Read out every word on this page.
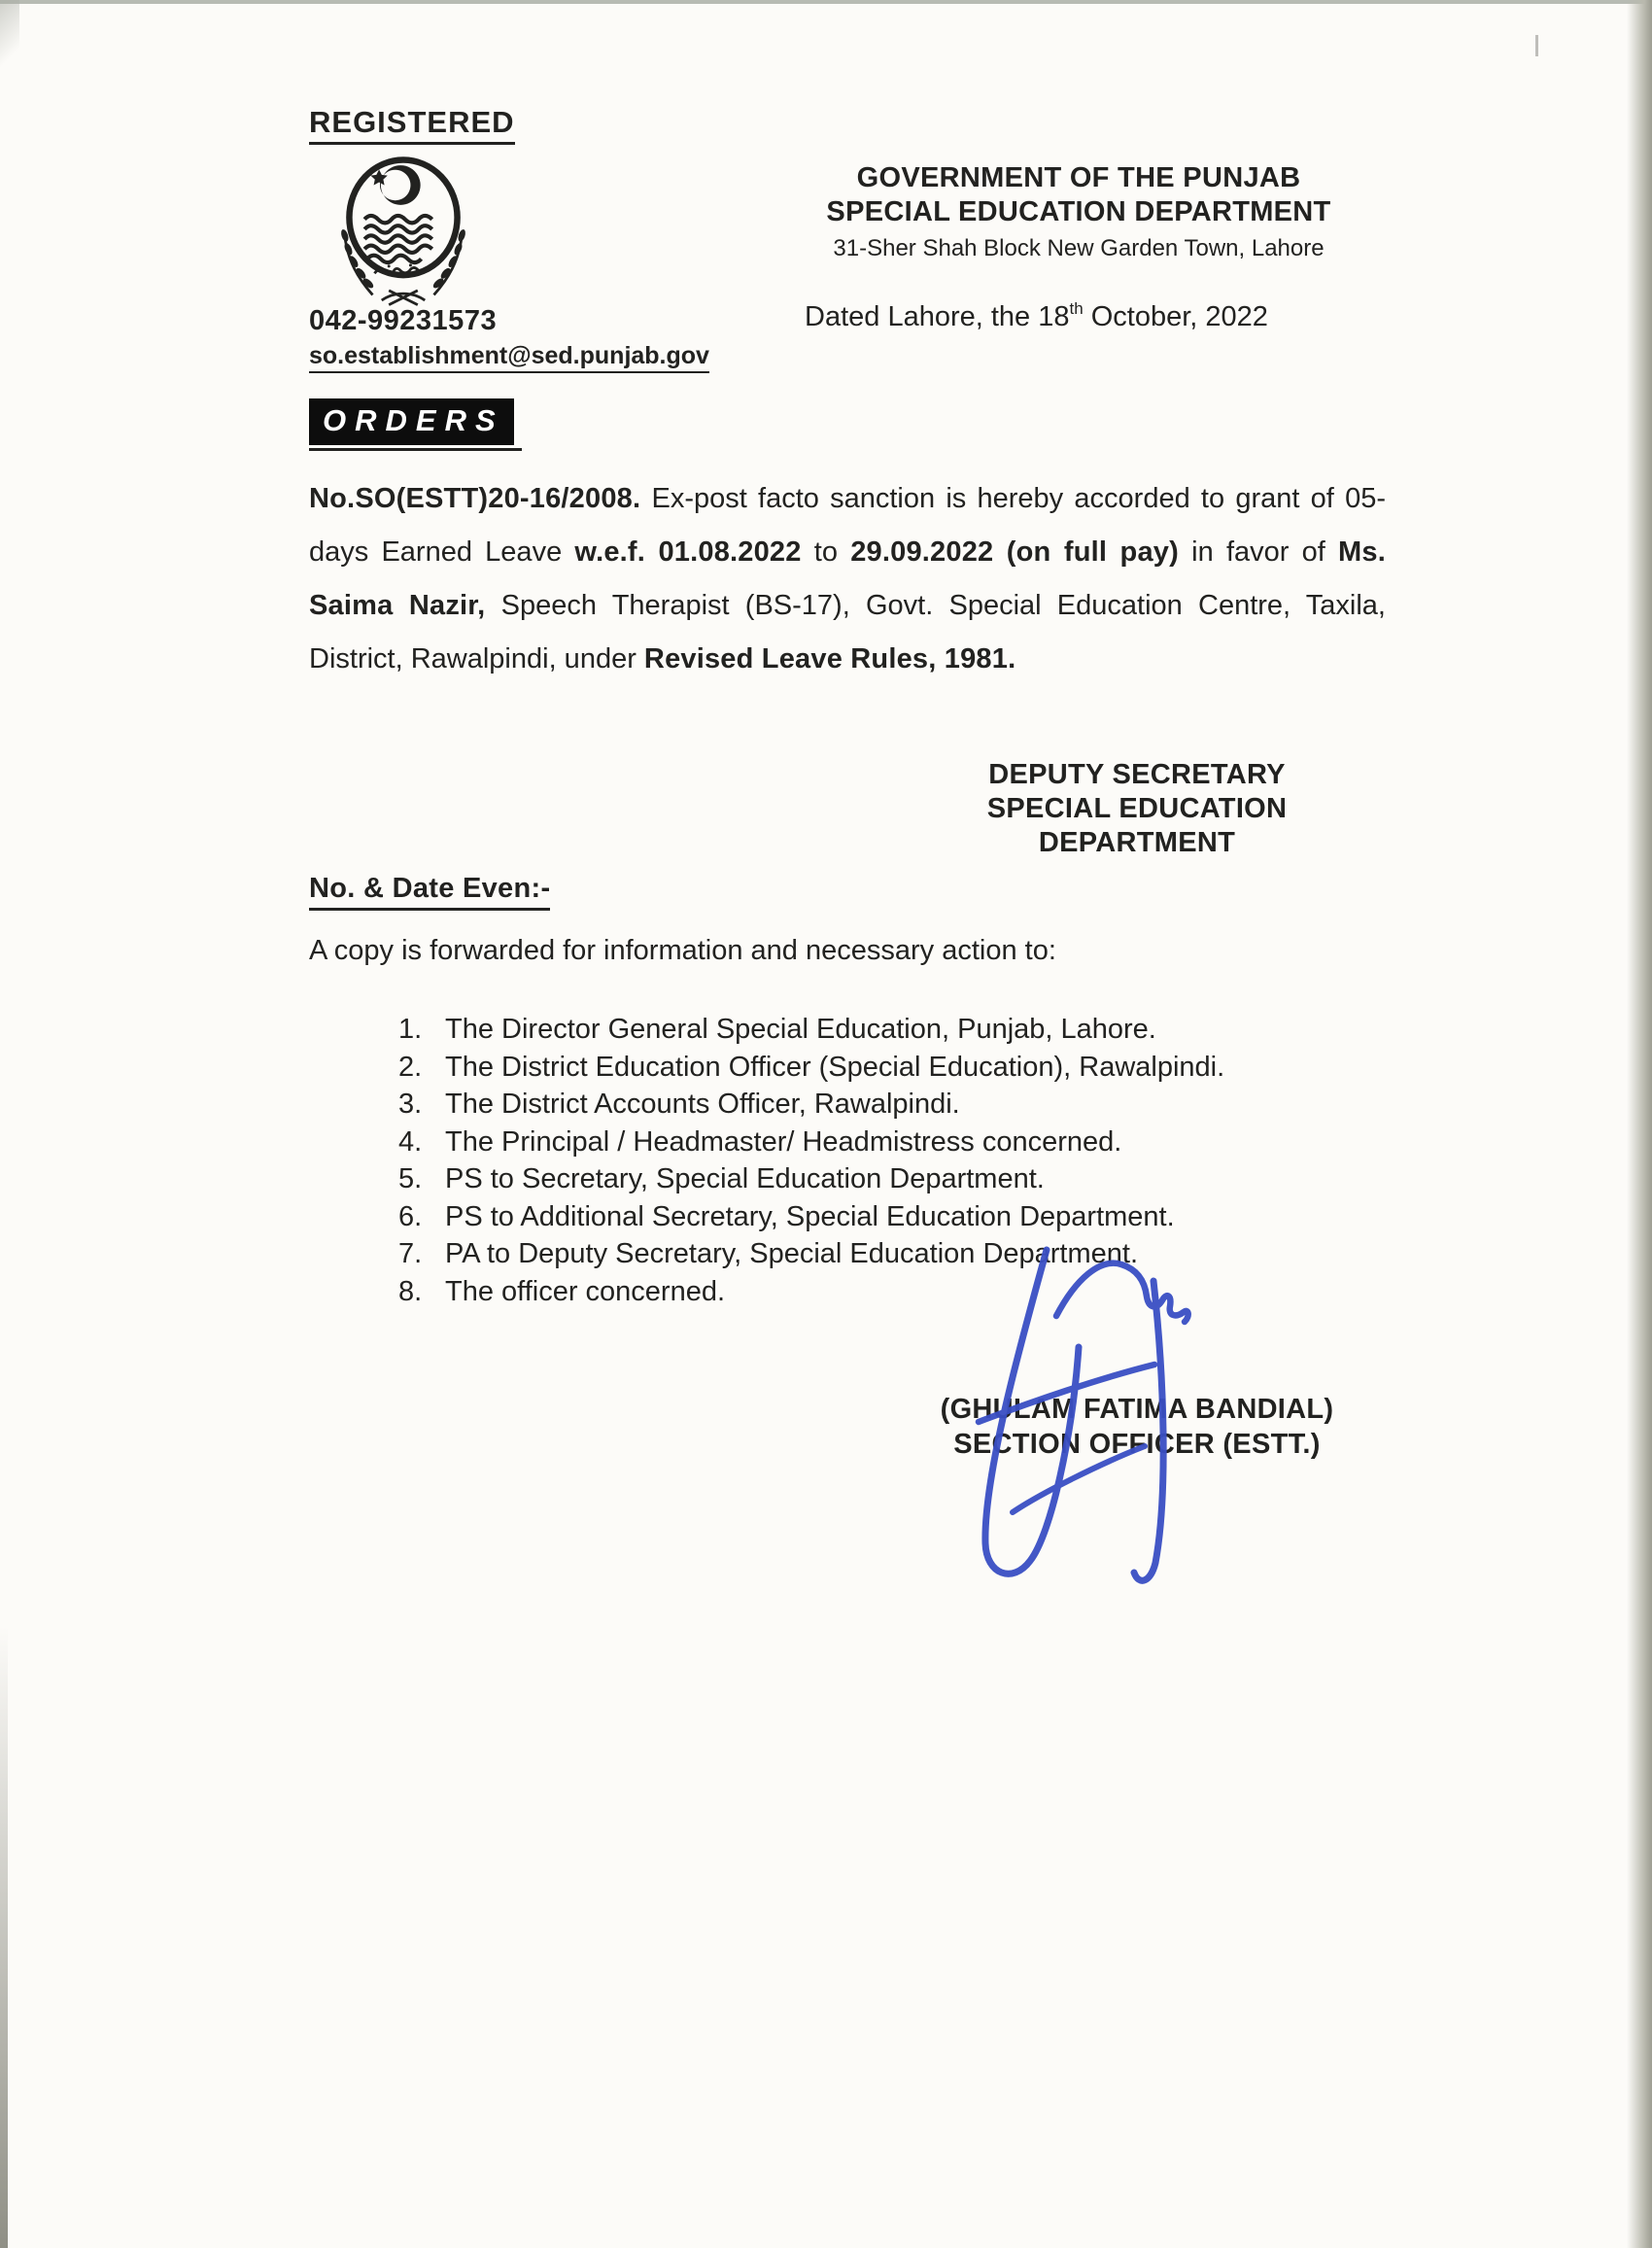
REGISTERED
042-99231573
so.establishment@sed.punjab.gov
GOVERNMENT OF THE PUNJAB
SPECIAL EDUCATION DEPARTMENT
31-Sher Shah Block New Garden Town, Lahore
Dated Lahore, the 18th October, 2022
ORDERS

No.SO(ESTT)20-16/2008. Ex-post facto sanction is hereby accorded to grant of 05-days Earned Leave w.e.f. 01.08.2022 to 29.09.2022 (on full pay) in favor of Ms. Saima Nazir, Speech Therapist (BS-17), Govt. Special Education Centre, Taxila, District, Rawalpindi, under Revised Leave Rules, 1981.

DEPUTY SECRETARY
SPECIAL EDUCATION
DEPARTMENT
No. & Date Even:-
A copy is forwarded for information and necessary action to:
1. The Director General Special Education, Punjab, Lahore.
2. The District Education Officer (Special Education), Rawalpindi.
3. The District Accounts Officer, Rawalpindi.
4. The Principal / Headmaster/ Headmistress concerned.
5. PS to Secretary, Special Education Department.
6. PS to Additional Secretary, Special Education Department.
7. PA to Deputy Secretary, Special Education Department.
8. The officer concerned.
(GHULAM FATIMA BANDIAL)
SECTION OFFICER (ESTT.)
